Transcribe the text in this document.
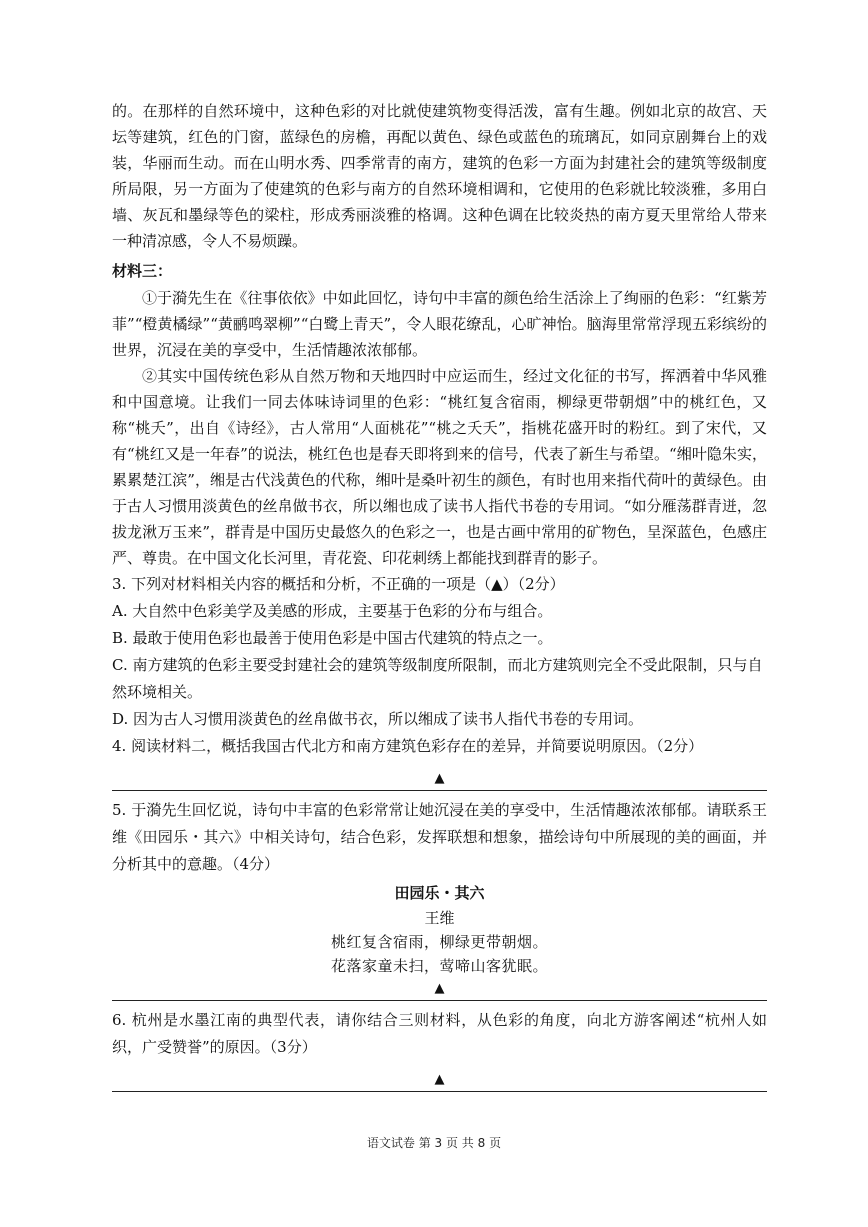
的。在那样的自然环境中，这种色彩的对比就使建筑物变得活泼，富有生趣。例如北京的故宫、天坛等建筑，红色的门窗，蓝绿色的房檐，再配以黄色、绿色或蓝色的琉璃瓦，如同京剧舞台上的戏装，华丽而生动。而在山明水秀、四季常青的南方，建筑的色彩一方面为封建社会的建筑等级制度所局限，另一方面为了使建筑的色彩与南方的自然环境相调和，它使用的色彩就比较淡雅，多用白墙、灰瓦和墨绿等色的梁柱，形成秀丽淡雅的格调。这种色调在比较炎热的南方夏天里常给人带来一种清凉感，令人不易烦躁。

材料三：

①于漪先生在《往事依依》中如此回忆，诗句中丰富的颜色给生活涂上了绚丽的色彩：“红紫芳菲”“橙黄橘绿”“黄鹂鸣翠柳”“白鹭上青天”，令人眼花缭乱，心旷神怡。脑海里常常浮现五彩缤纷的世界，沉浸在美的享受中，生活情趣浓浓郁郁。

②其实中国传统色彩从自然万物和天地四时中应运而生，经过文化征的书写，挥洒着中华风雅和中国意境。让我们一同去体味诗词里的色彩：“桃红复含宿雨，柳绿更带朝烟”中的桃红色，又称“桃夭”，出自《诗经》，古人常用“人面桃花”“桃之夭夭”，指桃花盛开时的粉红。到了宋代，又有“桃红又是一年春”的说法，桃红色也是春天即将到来的信号，代表了新生与希望。“缃叶隐朱实，累累楚江滨”，缃是古代浅黄色的代称，缃叶是桑叶初生的颜色，有时也用来指代荷叶的黄绿色。由于古人习惯用淡黄色的丝帛做书衣，所以缃也成了读书人指代书卷的专用词。“如分雁荡群青迸，忽拔龙湫万玉来”，群青是中国历史最悠久的色彩之一，也是古画中常用的矿物色，呈深蓝色，色感庄严、尊贵。在中国文化长河里，青花瓷、印花刺绣上都能找到群青的影子。

3. 下列对材料相关内容的概括和分析，不正确的一项是（▲）（2分）

A. 大自然中色彩美学及美感的形成，主要基于色彩的分布与组合。

B. 最敢于使用色彩也最善于使用色彩是中国古代建筑的特点之一。

C. 南方建筑的色彩主要受封建社会的建筑等级制度所限制，而北方建筑则完全不受此限制，只与自然环境相关。

D. 因为古人习惯用淡黄色的丝帛做书衣，所以缃成了读书人指代书卷的专用词。

4. 阅读材料二，概括我国古代北方和南方建筑色彩存在的差异，并简要说明原因。（2分）

▲

5. 于漪先生回忆说，诗句中丰富的色彩常常让她沉浸在美的享受中，生活情趣浓浓郁郁。请联系王维《田园乐・其六》中相关诗句，结合色彩，发挥联想和想象，描绘诗句中所展现的美的画面，并分析其中的意趣。（4分）

田园乐・其六
王维
桃红复含宿雨，柳绿更带朝烟。
花落家童未扫，莺啼山客犹眠。
▲

6. 杭州是水墨江南的典型代表，请你结合三则材料，从色彩的角度，向北方游客阐述“杭州人如织，广受赞誉”的原因。（3分）

▲
语文试卷 第 3 页 共 8 页
